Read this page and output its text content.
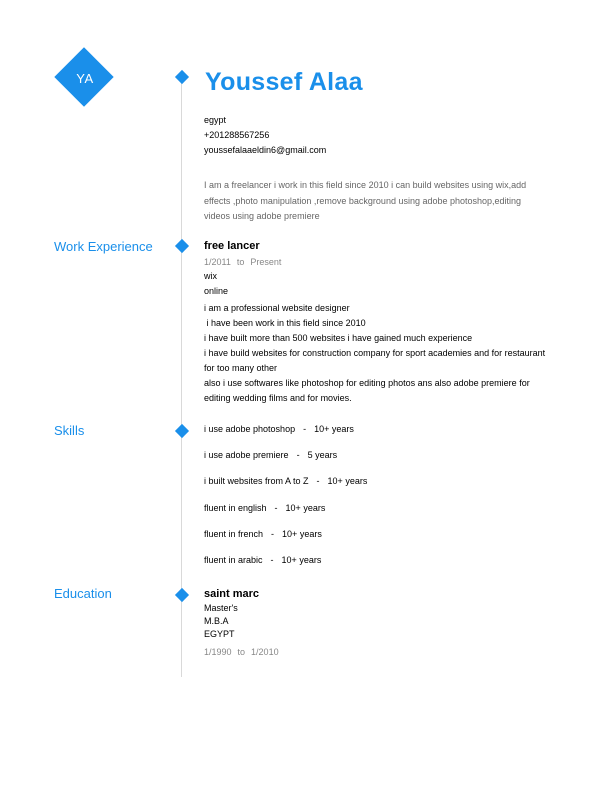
YA	Youssef Alaa
egypt
+201288567256
youssefalaaeldin6@gmail.com
I am a freelancer i work in this field since 2010 i can build websites using wix,add effects ,photo manipulation ,remove background using adobe photoshop,editing videos using adobe premiere
Work Experience	free lancer
1/2011 to Present
wix
online
i am a professional website designer
i have been work in this field since 2010
i have built more than 500 websites i have gained much experience
i have build websites for construction company for sport academies and for restaurant for too many other
also i use softwares like photoshop for editing photos ans also adobe premiere for editing wedding films and for movies.
Skills	i use adobe photoshop - 10+ years
i use adobe premiere - 5 years
i built websites from A to Z - 10+ years
fluent in english - 10+ years
fluent in french - 10+ years
fluent in arabic - 10+ years
Education	saint marc
Master's
M.B.A
EGYPT
1/1990 to 1/2010
